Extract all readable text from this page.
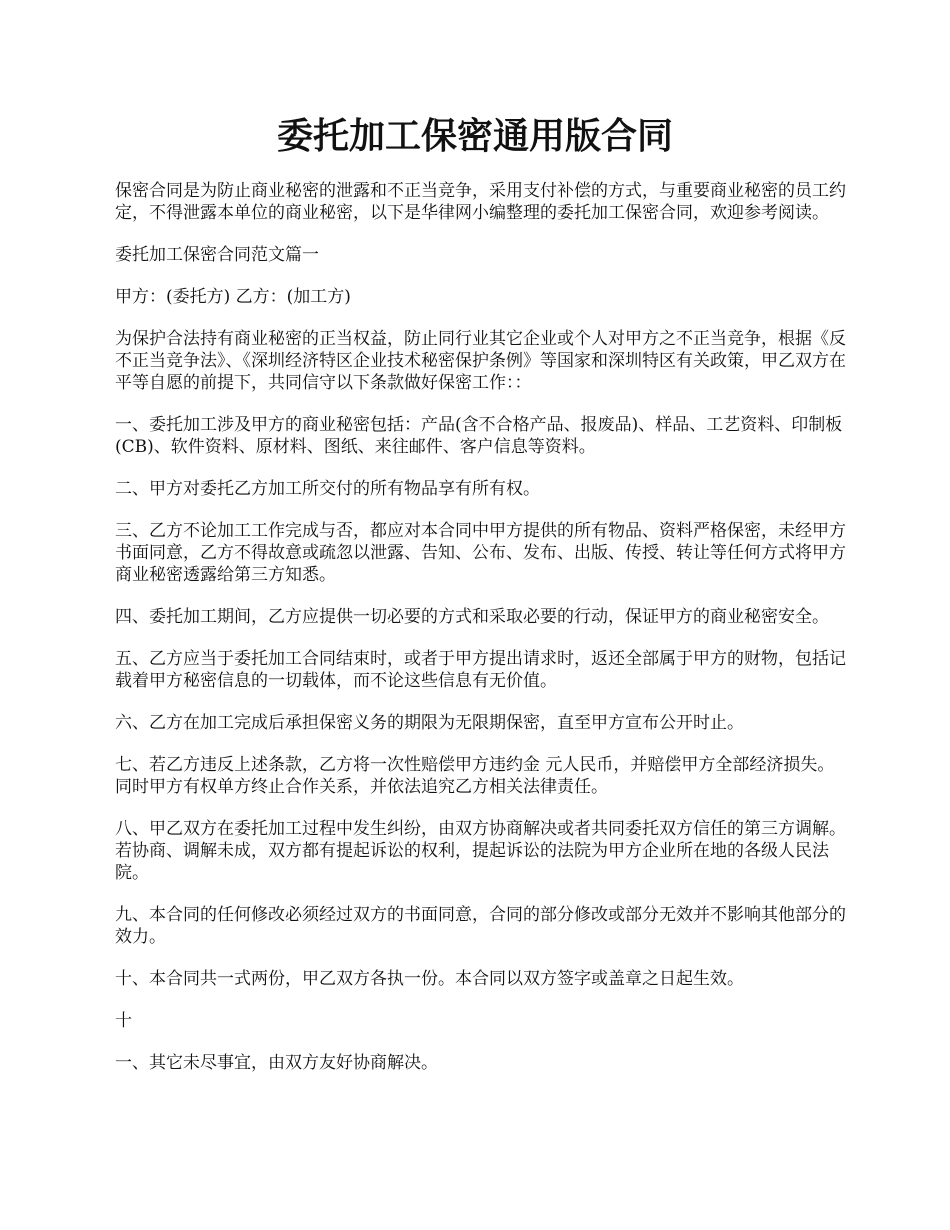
委托加工保密通用版合同

保密合同是为防止商业秘密的泄露和不正当竞争，采用支付补偿的方式，与重要商业秘密的员工约定，不得泄露本单位的商业秘密，以下是华律网小编整理的委托加工保密合同，欢迎参考阅读。

委托加工保密合同范文篇一

甲方：(委托方) 乙方：(加工方)

为保护合法持有商业秘密的正当权益，防止同行业其它企业或个人对甲方之不正当竞争，根据《反不正当竞争法》、《深圳经济特区企业技术秘密保护条例》等国家和深圳特区有关政策，甲乙双方在平等自愿的前提下，共同信守以下条款做好保密工作：：

一、委托加工涉及甲方的商业秘密包括：产品(含不合格产品、报废品)、样品、工艺资料、印制板(CB)、软件资料、原材料、图纸、来往邮件、客户信息等资料。

二、甲方对委托乙方加工所交付的所有物品享有所有权。

三、乙方不论加工工作完成与否，都应对本合同中甲方提供的所有物品、资料严格保密，未经甲方书面同意，乙方不得故意或疏忽以泄露、告知、公布、发布、出版、传授、转让等任何方式将甲方商业秘密透露给第三方知悉。

四、委托加工期间，乙方应提供一切必要的方式和采取必要的行动，保证甲方的商业秘密安全。

五、乙方应当于委托加工合同结束时，或者于甲方提出请求时，返还全部属于甲方的财物，包括记载着甲方秘密信息的一切载体，而不论这些信息有无价值。

六、乙方在加工完成后承担保密义务的期限为无限期保密，直至甲方宣布公开时止。

七、若乙方违反上述条款，乙方将一次性赔偿甲方违约金 元人民币，并赔偿甲方全部经济损失。同时甲方有权单方终止合作关系，并依法追究乙方相关法律责任。

八、甲乙双方在委托加工过程中发生纠纷，由双方协商解决或者共同委托双方信任的第三方调解。若协商、调解未成，双方都有提起诉讼的权利，提起诉讼的法院为甲方企业所在地的各级人民法院。

九、本合同的任何修改必须经过双方的书面同意，合同的部分修改或部分无效并不影响其他部分的效力。

十、本合同共一式两份，甲乙双方各执一份。本合同以双方签字或盖章之日起生效。

十

一、其它未尽事宜，由双方友好协商解决。
